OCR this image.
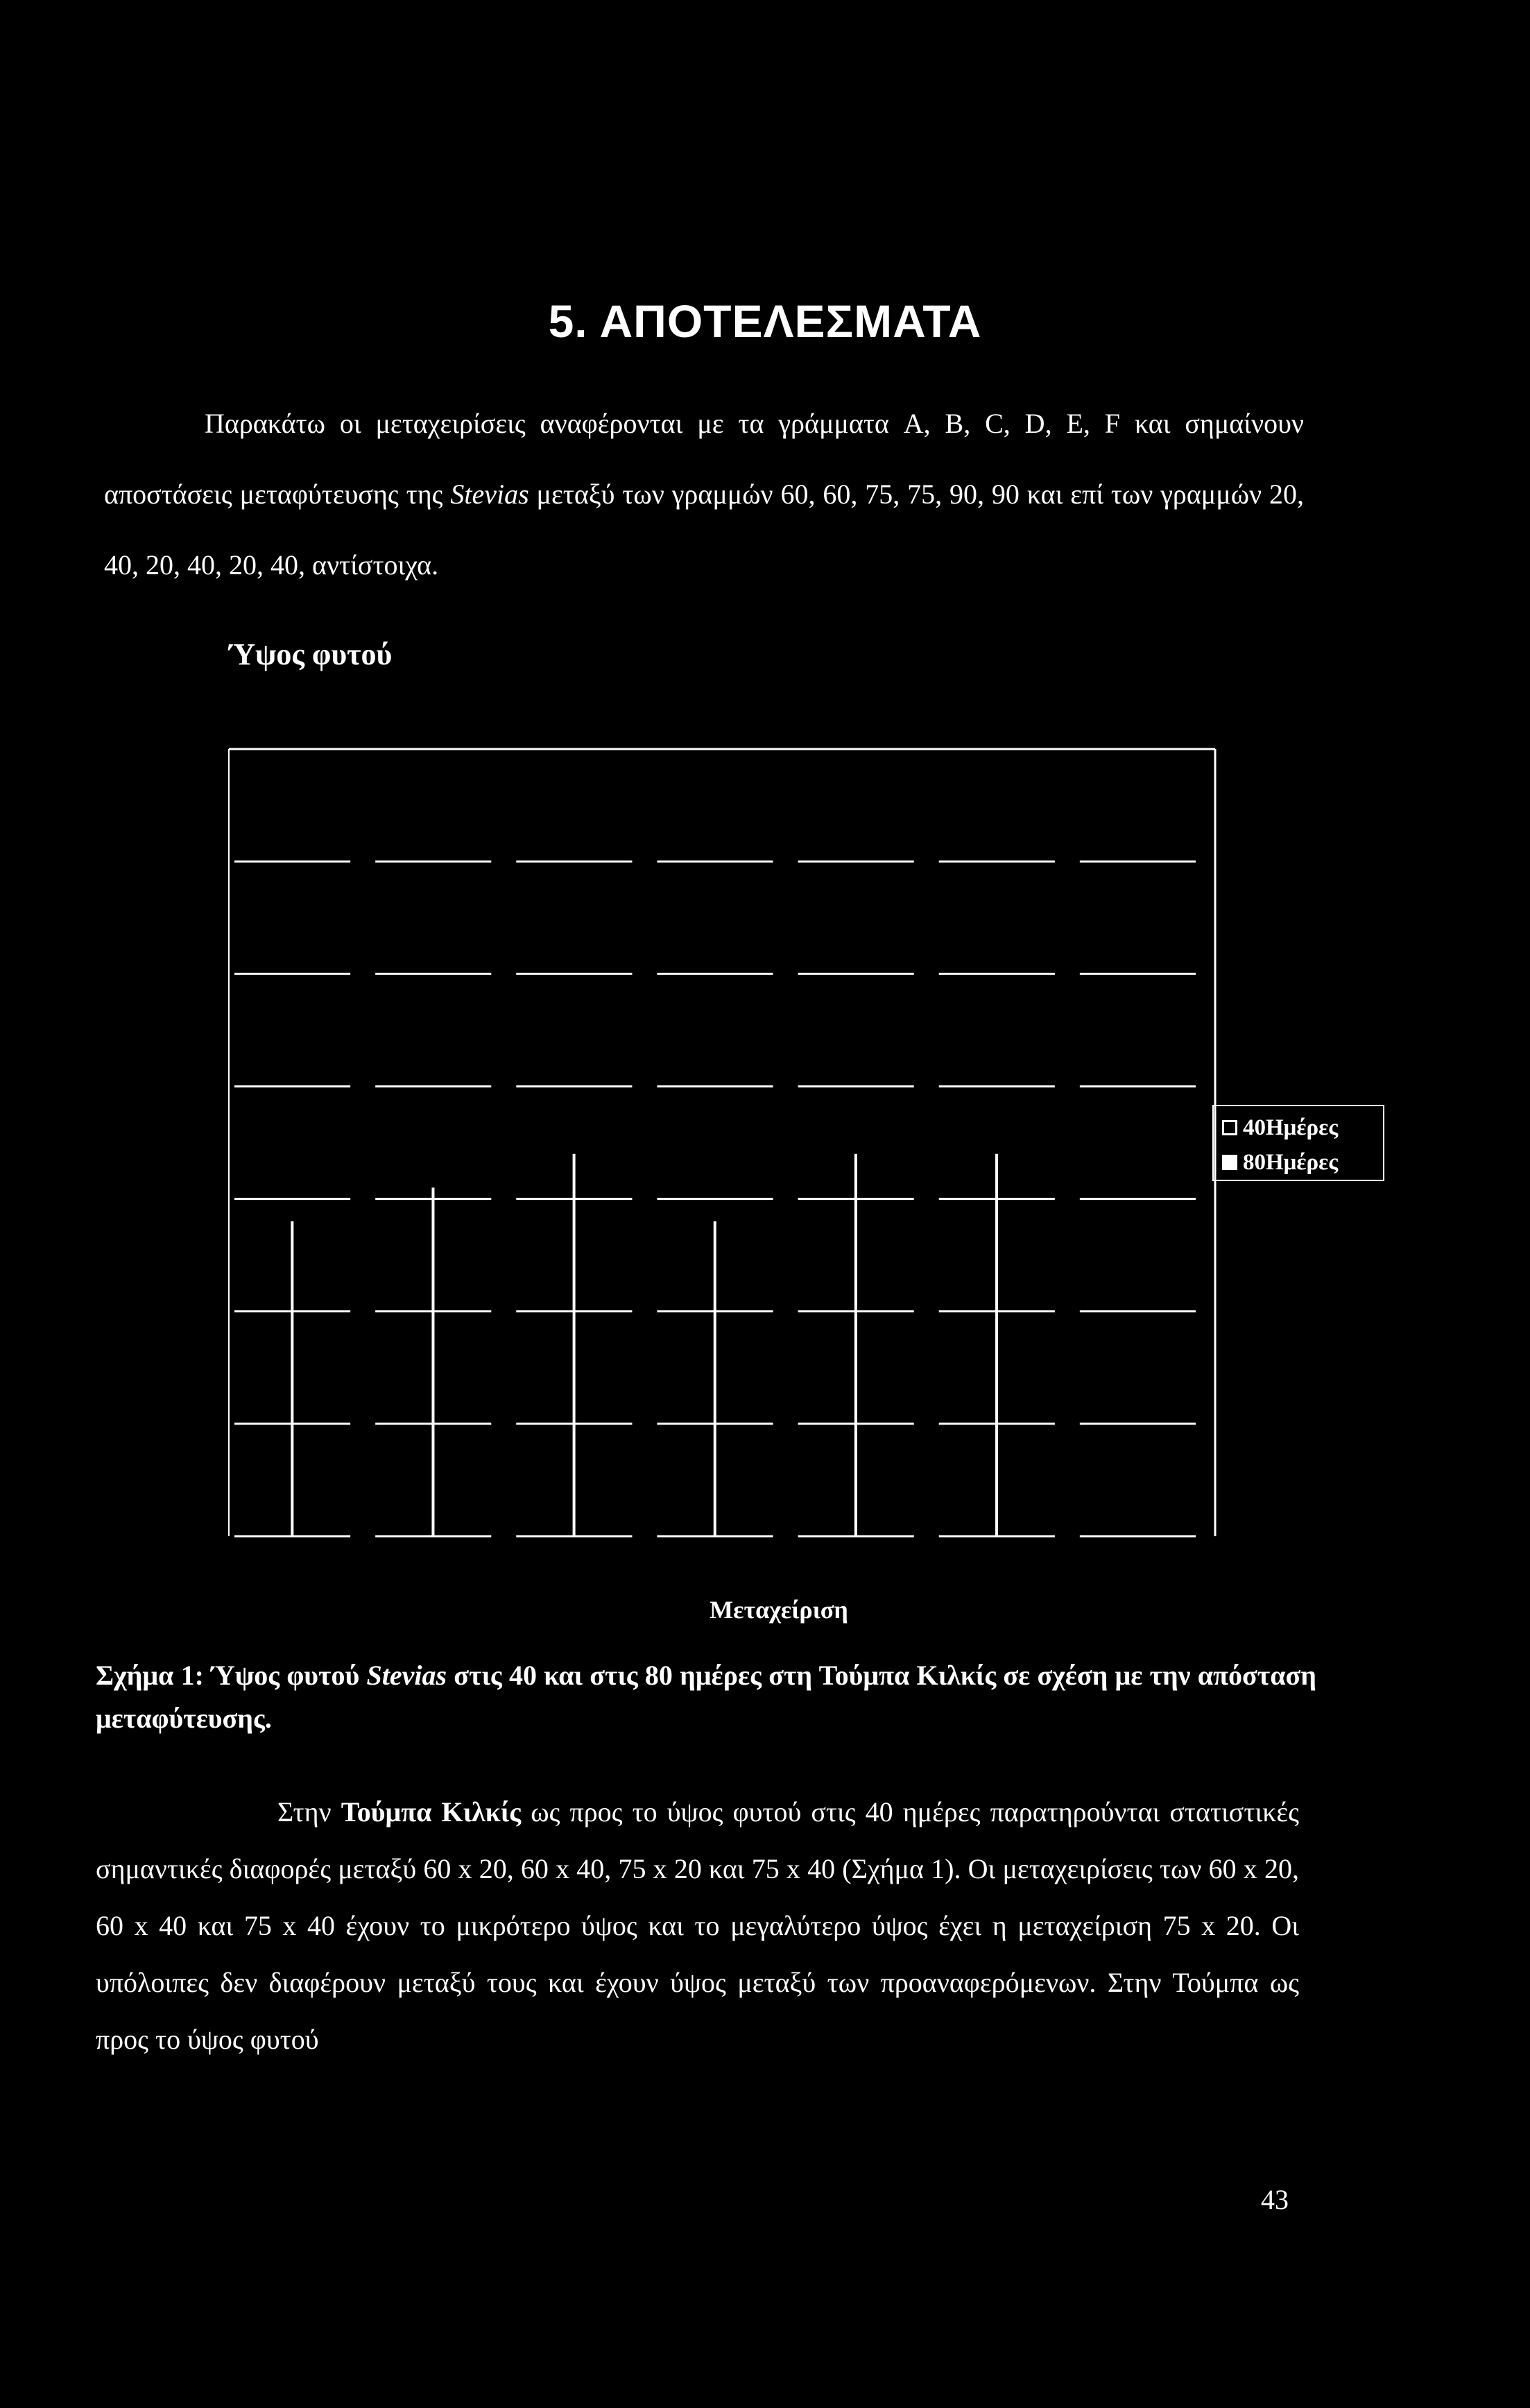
5. ΑΠΟΤΕΛΕΣΜΑΤΑ
Παρακάτω οι μεταχειρίσεις αναφέρονται με τα γράμματα A, B, C, D, E, F και σημαίνουν αποστάσεις μεταφύτευσης της Stevias μεταξύ των γραμμών 60, 60, 75, 75, 90, 90 και επί των γραμμών 20, 40, 20, 40, 20, 40, αντίστοιχα.
Ύψος φυτού
40Ημέρες
80Ημέρες
Μεταχείριση
Σχήμα 1: Ύψος φυτού Stevias στις 40 και στις 80 ημέρες στη Τούμπα Κιλκίς σε σχέση με την απόσταση μεταφύτευσης.
Στην Τούμπα Κιλκίς ως προς το ύψος φυτού στις 40 ημέρες παρατηρούνται στατιστικές σημαντικές διαφορές μεταξύ 60 x 20, 60 x 40, 75 x 20 και 75 x 40 (Σχήμα 1). Οι μεταχειρίσεις των 60 x 20, 60 x 40 και 75 x 40 έχουν το μικρότερο ύψος και το μεγαλύτερο ύψος έχει η μεταχείριση 75 x 20. Οι υπόλοιπες δεν διαφέρουν μεταξύ τους και έχουν ύψος μεταξύ των προαναφερόμενων. Στην Τούμπα ως προς το ύψος φυτού
43
